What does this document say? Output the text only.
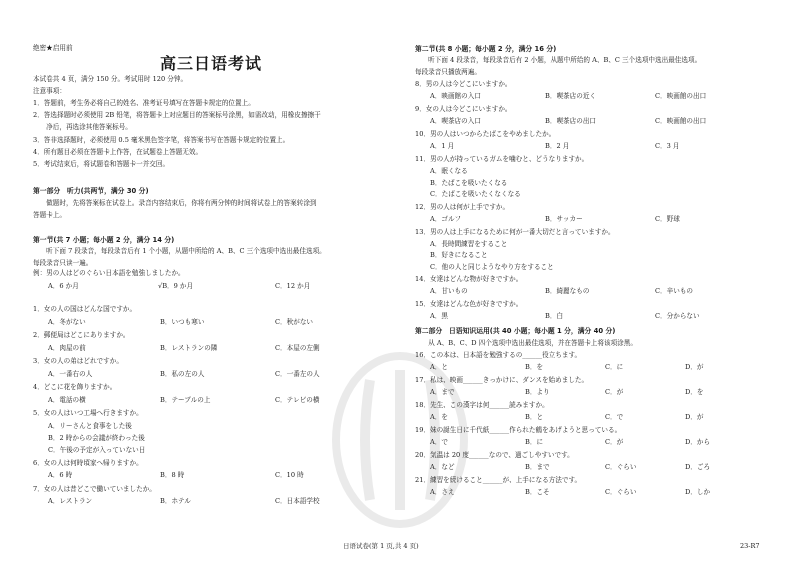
绝密★启用前
高三日语考试
本试卷共 4 页，满分 150 分。考试用时 120 分钟。
注意事项：
1．答题前，考生务必将自己的姓名、准考证号填写在答题卡规定的位置上。
2．答选择题时必须使用 2B 铅笔，将答题卡上对应题目的答案标号涂黑，如需改动，用橡皮擦擦干
　　净后，再选涂其他答案标号。
3．答非选择题时，必须使用 0.5 毫米黑色签字笔，将答案书写在答题卡规定的位置上。
4．所有题目必须在答题卡上作答，在试题卷上答题无效。
5．考试结束后，将试题卷和答题卡一并交回。
第一部分　听力(共两节，满分 30 分)
　　做题时，先将答案标在试卷上。录音内容结束后，你将有两分钟的时间将试卷上的答案转涂到
答题卡上。
第一节(共 7 小题；每小题 2 分，满分 14 分)
　　听下面 7 段录音，每段录音后有 1 个小题，从题中所给的 A、B、C 三个选项中选出最佳选项。
每段录音只读一遍。
例：男の人はどのぐらい日本語を勉強しましたか。
A．6 か月	√B．9 か月	C．12 か月
1．女の人の国はどんな国ですか。
A．冬がない	B．いつも寒い	C．秋がない
2．郵便局はどこにありますか。
A．肉屋の前	B．レストランの隣	C．本屋の左側
3．女の人の弟はどれですか。
A．一番右の人	B．私の左の人	C．一番左の人
4．どこに花を飾りますか。
A．電話の横	B．テーブルの上	C．テレビの横
5．女の人はいつ工場へ行きますか。
A．リーさんと食事をした後
B．2 時からの会議が終わった後
C．午後の予定が入っていない日
6．女の人は何時頃家へ帰りますか。
A．6 時	B．8 時	C．10 時
7．女の人は昔どこで働いていましたか。
A．レストラン	B．ホテル	C．日本語学校
第二节(共 8 小题；每小题 2 分，满分 16 分)
　　听下面 4 段录音，每段录音后有 2 小题，从题中所给的 A、B、C 三个选项中选出最佳选项。
每段录音只播放两遍。
8．男の人は今どこにいますか。
A．映画館の入口	B．喫茶店の近く	C．映画館の出口
9．女の人は今どこにいますか。
A．喫茶店の入口	B．喫茶店の出口	C．映画館の出口
10．男の人はいつからたばこをやめましたか。
A．1 月	B．2 月	C．3 月
11．男の人が持っているガムを噛むと、どうなりますか。
A．眠くなる
B．たばこを吸いたくなる
C．たばこを吸いたくなくなる
12．男の人は何が上手ですか。
A．ゴルフ	B．サッカー	C．野球
13．男の人は上手になるために何が一番大切だと言っていますか。
A．長時間練習をすること
B．好きになること
C．他の人と同じようなやり方をすること
14．女達はどんな物が好きですか。
A．甘いもの	B．綺麗なもの	C．辛いもの
15．女達はどんな色が好きですか。
A．黒	B．白	C．分からない
第二部分　日语知识运用(共 40 小题；每小题 1 分，满分 40 分)
　　从 A、B、C、D 四个选项中选出最佳选项，并在答题卡上将该项涂黑。
16．この本は、日本語を勉強するの______役立ちます。
A．と	B．を	C．に	D．が
17．私は、映画______きっかけに、ダンスを始めました。
A．まで	B．より	C．が	D．を
18．先生、この漢字は何______読みますか。
A．を	B．と	C．で	D．が
19．妹の誕生日に千代紙______作られた鶴をあげようと思っている。
A．で	B．に	C．が	D．から
20．気温は 20 度______なので、過ごしやすいです。
A．など	B．まで	C．ぐらい	D．ごろ
21．練習を続けること______が、上手になる方法です。
A．さえ	B．こそ	C．ぐらい	D．しか
日语试卷(第 1 页,共 4 页)	23-R7
